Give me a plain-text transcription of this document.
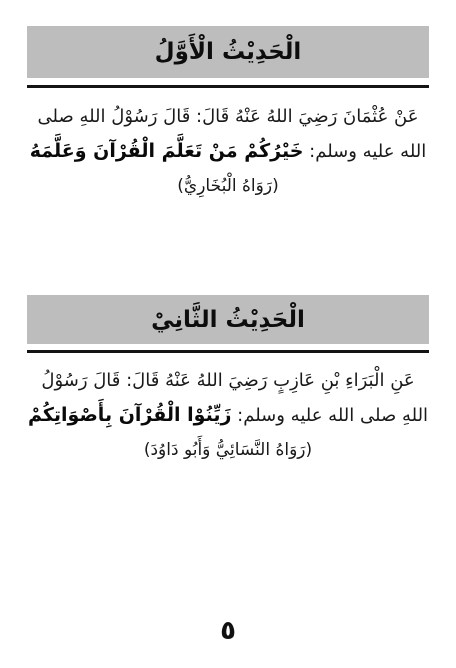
الْحَدِيْثُ الْأَوَّلُ
عَنْ عُثْمَانَ رَضِيَ اللهُ عَنْهُ قَالَ: قَالَ رَسُوْلُ اللهِ صلى
الله عليه وسلم: خَيْرُكُمْ مَنْ تَعَلَّمَ الْقُرْآنَ وَعَلَّمَهُ
(رَوَاهُ الْبُخَارِيُّ)
الْحَدِيْثُ الثَّانِيْ
عَنِ الْبَرَاءِ بْنِ عَازِبٍ رَضِيَ اللهُ عَنْهُ قَالَ: قَالَ رَسُوْلُ
اللهِ صلى الله عليه وسلم: زَيِّنُوْا الْقُرْآنَ بِأَصْوَاتِكُمْ
(رَوَاهُ النَّسَائِيُّ وَأَبُو دَاوُدَ)
٥
